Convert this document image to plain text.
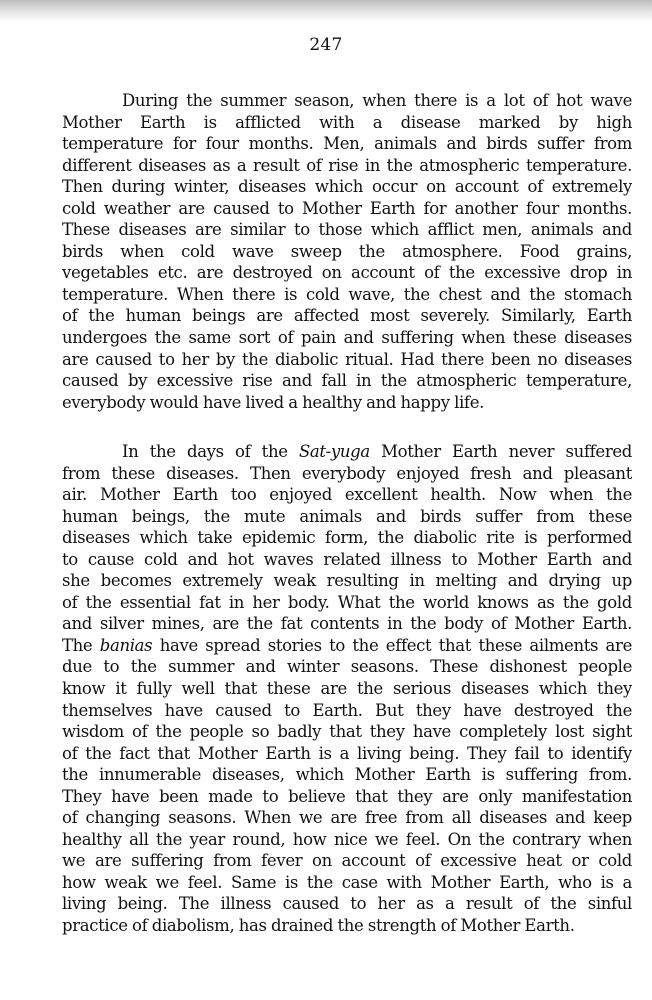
247
During the summer season, when there is a lot of hot wave
Mother Earth is afflicted with a disease marked by high
temperature for four months. Men, animals and birds suffer from
different diseases as a result of rise in the atmospheric temperature.
Then during winter, diseases which occur on account of extremely
cold weather are caused to Mother Earth for another four months.
These diseases are similar to those which afflict men, animals and
birds when cold wave sweep the atmosphere. Food grains,
vegetables etc. are destroyed on account of the excessive drop in
temperature. When there is cold wave, the chest and the stomach
of the human beings are affected most severely. Similarly, Earth
undergoes the same sort of pain and suffering when these diseases
are caused to her by the diabolic ritual. Had there been no diseases
caused by excessive rise and fall in the atmospheric temperature,
everybody would have lived a healthy and happy life.
In the days of the Sat-yuga Mother Earth never suffered
from these diseases. Then everybody enjoyed fresh and pleasant
air. Mother Earth too enjoyed excellent health. Now when the
human beings, the mute animals and birds suffer from these
diseases which take epidemic form, the diabolic rite is performed
to cause cold and hot waves related illness to Mother Earth and
she becomes extremely weak resulting in melting and drying up
of the essential fat in her body. What the world knows as the gold
and silver mines, are the fat contents in the body of Mother Earth.
The banias have spread stories to the effect that these ailments are
due to the summer and winter seasons. These dishonest people
know it fully well that these are the serious diseases which they
themselves have caused to Earth. But they have destroyed the
wisdom of the people so badly that they have completely lost sight
of the fact that Mother Earth is a living being. They fail to identify
the innumerable diseases, which Mother Earth is suffering from.
They have been made to believe that they are only manifestation
of changing seasons. When we are free from all diseases and keep
healthy all the year round, how nice we feel. On the contrary when
we are suffering from fever on account of excessive heat or cold
how weak we feel. Same is the case with Mother Earth, who is a
living being. The illness caused to her as a result of the sinful
practice of diabolism, has drained the strength of Mother Earth.
